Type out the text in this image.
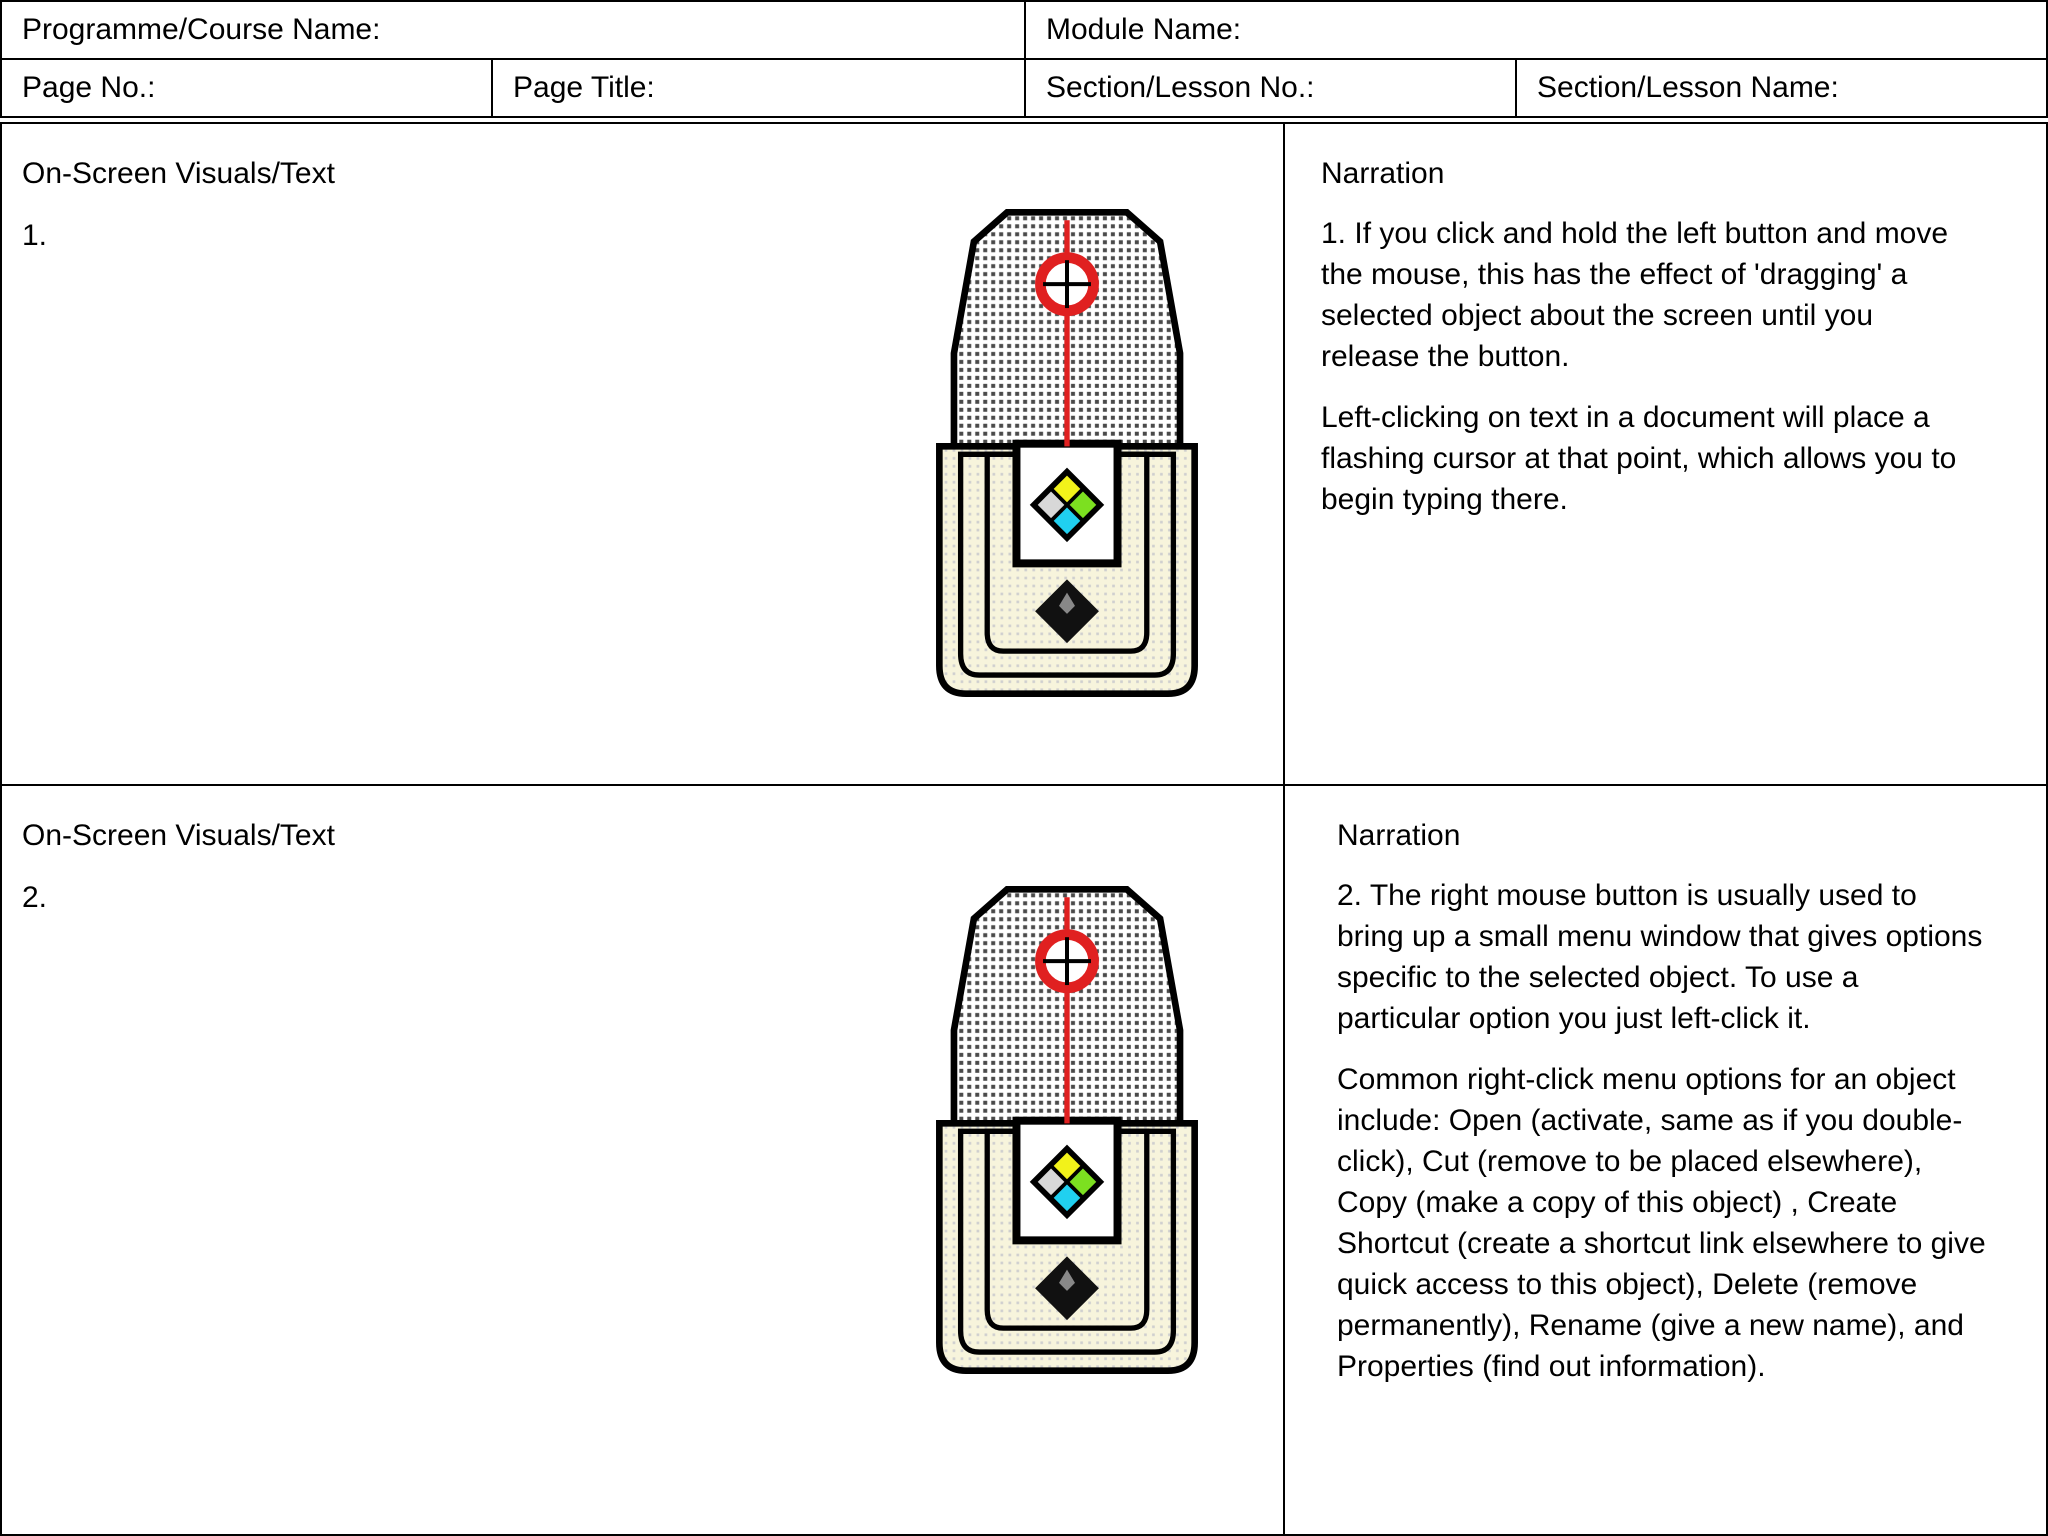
Programme/Course Name:	Module Name:
Page No.:	Page Title:	Section/Lesson No.:	Section/Lesson Name:
On-Screen Visuals/Text
1.
Narration

1. If you click and hold the left button and move the mouse, this has the effect of 'dragging' a selected object about the screen until you release the button.

Left-clicking on text in a document will place a flashing cursor at that point, which allows you to begin typing there.

On-Screen Visuals/Text
2.
Narration

2. The right mouse button is usually used to bring up a small menu window that gives options specific to the selected object. To use a particular option you just left-click it.

Common right-click menu options for an object include: Open (activate, same as if you double-click), Cut (remove to be placed elsewhere), Copy (make a copy of this object) , Create Shortcut (create a shortcut link elsewhere to give quick access to this object), Delete (remove permanently), Rename (give a new name), and Properties (find out information).
